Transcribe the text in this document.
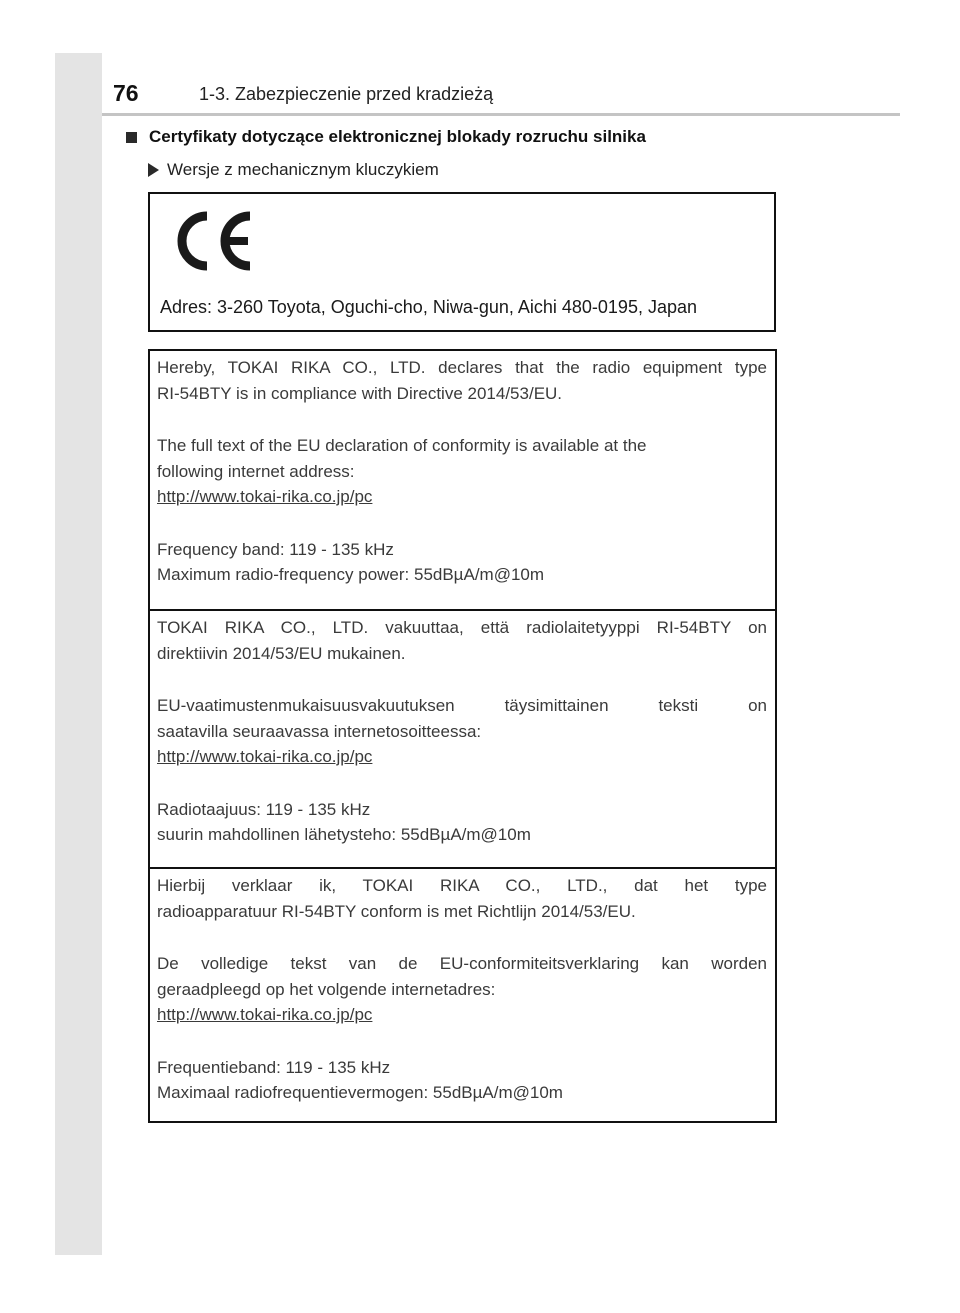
76	1-3. Zabezpieczenie przed kradzieżą
Certyfikaty dotyczące elektronicznej blokady rozruchu silnika
Wersje z mechanicznym kluczykiem
Adres: 3-260 Toyota, Oguchi-cho, Niwa-gun, Aichi 480-0195, Japan

Hereby, TOKAI RIKA CO., LTD. declares that the radio equipment type

RI-54BTY is in compliance with Directive 2014/53/EU.

The full text of the EU declaration of conformity is available at the

following internet address:

http://www.tokai-rika.co.jp/pc

Frequency band: 119 - 135 kHz

Maximum radio-frequency power: 55dBµA/m@10m

TOKAI RIKA CO., LTD. vakuuttaa, että radiolaitetyyppi RI-54BTY on

direktiivin 2014/53/EU mukainen.

EU-vaatimustenmukaisuusvakuutuksen täysimittainen teksti on

saatavilla seuraavassa internetosoitteessa:

http://www.tokai-rika.co.jp/pc

Radiotaajuus: 119 - 135 kHz

suurin mahdollinen lähetysteho: 55dBµA/m@10m

Hierbij verklaar ik, TOKAI RIKA CO., LTD., dat het type

radioapparatuur RI-54BTY conform is met Richtlijn 2014/53/EU.

De volledige tekst van de EU-conformiteitsverklaring kan worden

geraadpleegd op het volgende internetadres:

http://www.tokai-rika.co.jp/pc

Frequentieband: 119 - 135 kHz

Maximaal radiofrequentievermogen: 55dBµA/m@10m
